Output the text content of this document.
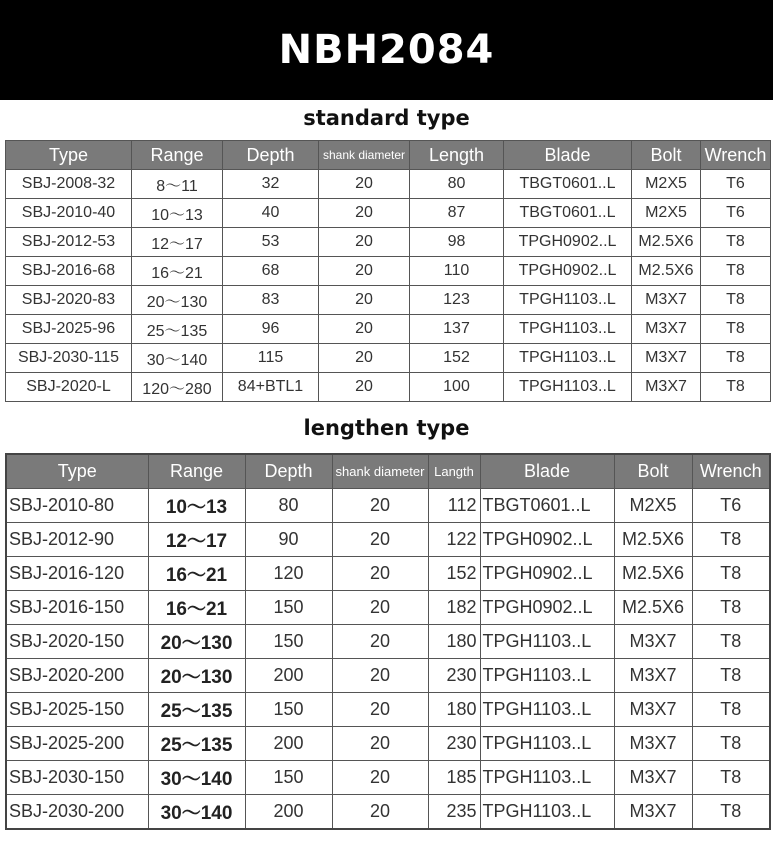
NBH2084
standard type
Type	Range	Depth	shank diameter	Length	Blade	Bolt	Wrench
SBJ-2008-32	8～11	32	20	80	TBGT0601..L	M2X5	T6
SBJ-2010-40	10～13	40	20	87	TBGT0601..L	M2X5	T6
SBJ-2012-53	12～17	53	20	98	TPGH0902..L	M2.5X6	T8
SBJ-2016-68	16～21	68	20	110	TPGH0902..L	M2.5X6	T8
SBJ-2020-83	20～130	83	20	123	TPGH1103..L	M3X7	T8
SBJ-2025-96	25～135	96	20	137	TPGH1103..L	M3X7	T8
SBJ-2030-115	30～140	115	20	152	TPGH1103..L	M3X7	T8
SBJ-2020-L	120～280	84+BTL1	20	100	TPGH1103..L	M3X7	T8
lengthen type
Type	Range	Depth	shank diameter	Langth	Blade	Bolt	Wrench
SBJ-2010-80	10～13	80	20	112	TBGT0601..L	M2X5	T6
SBJ-2012-90	12～17	90	20	122	TPGH0902..L	M2.5X6	T8
SBJ-2016-120	16～21	120	20	152	TPGH0902..L	M2.5X6	T8
SBJ-2016-150	16～21	150	20	182	TPGH0902..L	M2.5X6	T8
SBJ-2020-150	20～130	150	20	180	TPGH1103..L	M3X7	T8
SBJ-2020-200	20～130	200	20	230	TPGH1103..L	M3X7	T8
SBJ-2025-150	25～135	150	20	180	TPGH1103..L	M3X7	T8
SBJ-2025-200	25～135	200	20	230	TPGH1103..L	M3X7	T8
SBJ-2030-150	30～140	150	20	185	TPGH1103..L	M3X7	T8
SBJ-2030-200	30～140	200	20	235	TPGH1103..L	M3X7	T8
